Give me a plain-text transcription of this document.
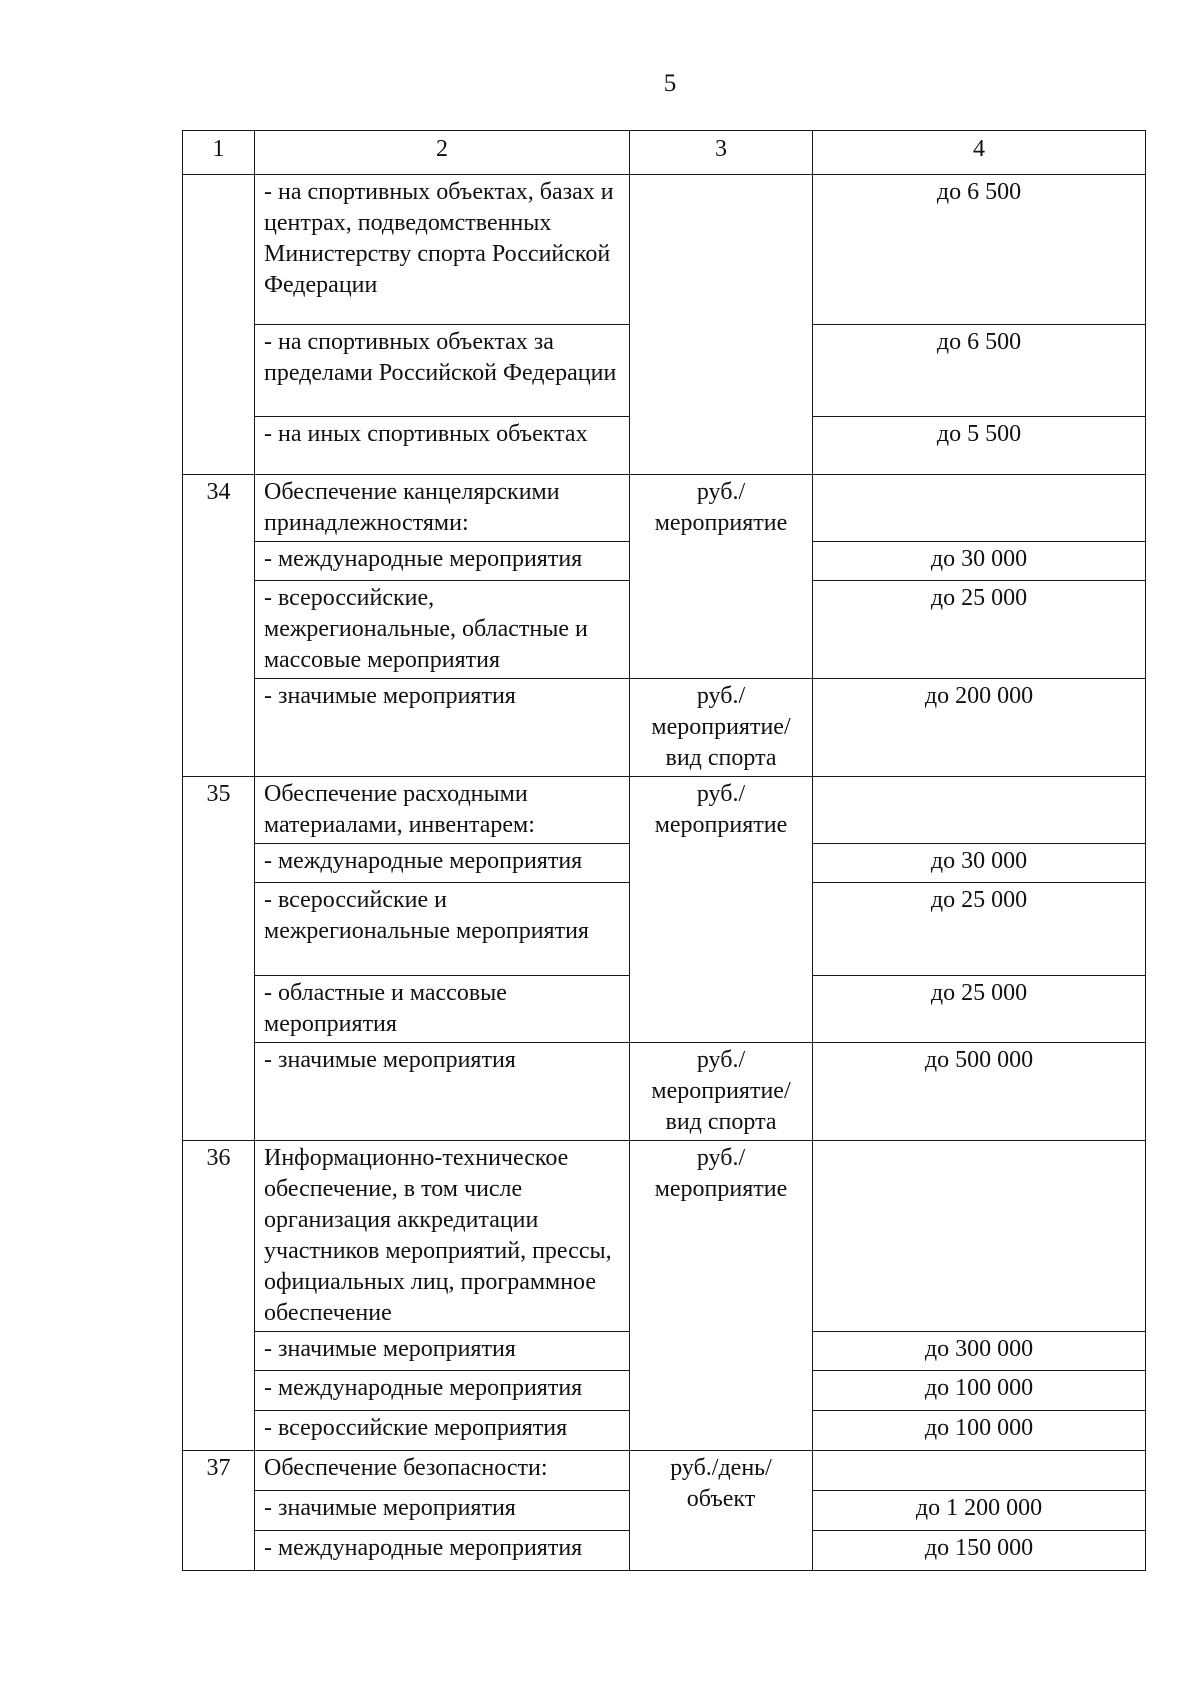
5
1	2	3	4
	- на спортивных объектах, базах и центрах, подведомственных Министерству спорта Российской Федерации		до 6 500
	- на спортивных объектах за пределами Российской Федерации		до 6 500
	- на иных спортивных объектах		до 5 500
34	Обеспечение канцелярскими принадлежностями:	руб./ мероприятие	
	- международные мероприятия		до 30 000
	- всероссийские, межрегиональные, областные и массовые мероприятия		до 25 000
	- значимые мероприятия	руб./ мероприятие/ вид спорта	до 200 000
35	Обеспечение расходными материалами, инвентарем:	руб./ мероприятие	
	- международные мероприятия		до 30 000
	- всероссийские и межрегиональные мероприятия		до 25 000
	- областные и массовые мероприятия		до 25 000
	- значимые мероприятия	руб./ мероприятие/ вид спорта	до 500 000
36	Информационно-техническое обеспечение, в том числе организация аккредитации участников мероприятий, прессы, официальных лиц, программное обеспечение	руб./ мероприятие	
	- значимые мероприятия		до 300 000
	- международные мероприятия		до 100 000
	- всероссийские мероприятия		до 100 000
37	Обеспечение безопасности:	руб./день/ объект	
	- значимые мероприятия		до 1 200 000
	- международные мероприятия		до 150 000
